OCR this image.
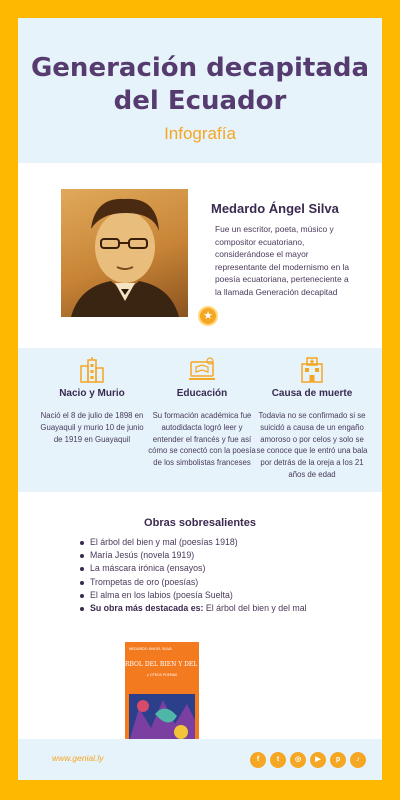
Generación decapitada
del Ecuador
Infografía
★
Medardo Ángel Silva
Fue un escritor, poeta, músico y compositor ecuatoriano, considerándose el mayor representante del modernismo en la poesía ecuatoriana, perteneciente a la llamada Generación decapitad
Nacio y Murio
Nació el 8 de julio de 1898 en Guayaquil y murio 10 de junio de 1919 en Guayaquil
Educación
Su formación académica fue autodidacta logró leer y entender el francés y fue así cómo se conectó con la poesía de los simbolistas franceses
Causa de muerte
Todavia no se confirmado si se suicidó a causa de un engaño amoroso o por celos y solo se se conoce que le entró una bala por detrás de la oreja a los 21 años de edad
Obras sobresalientes
El árbol del bien y mal (poesías 1918)
María Jesús (novela 1919)
La máscara irónica (ensayos)
Trompetas de oro (poesías)
El alma en los labios (poesía Suelta)
Su obra más destacada es: El árbol del bien y del mal
MEDARDO ÁNGEL SILVA
EL ÁRBOL DEL BIEN Y DEL MAL
y OTROS POEMAS
www.genial.ly	f	t	◎	▶	p	♪
